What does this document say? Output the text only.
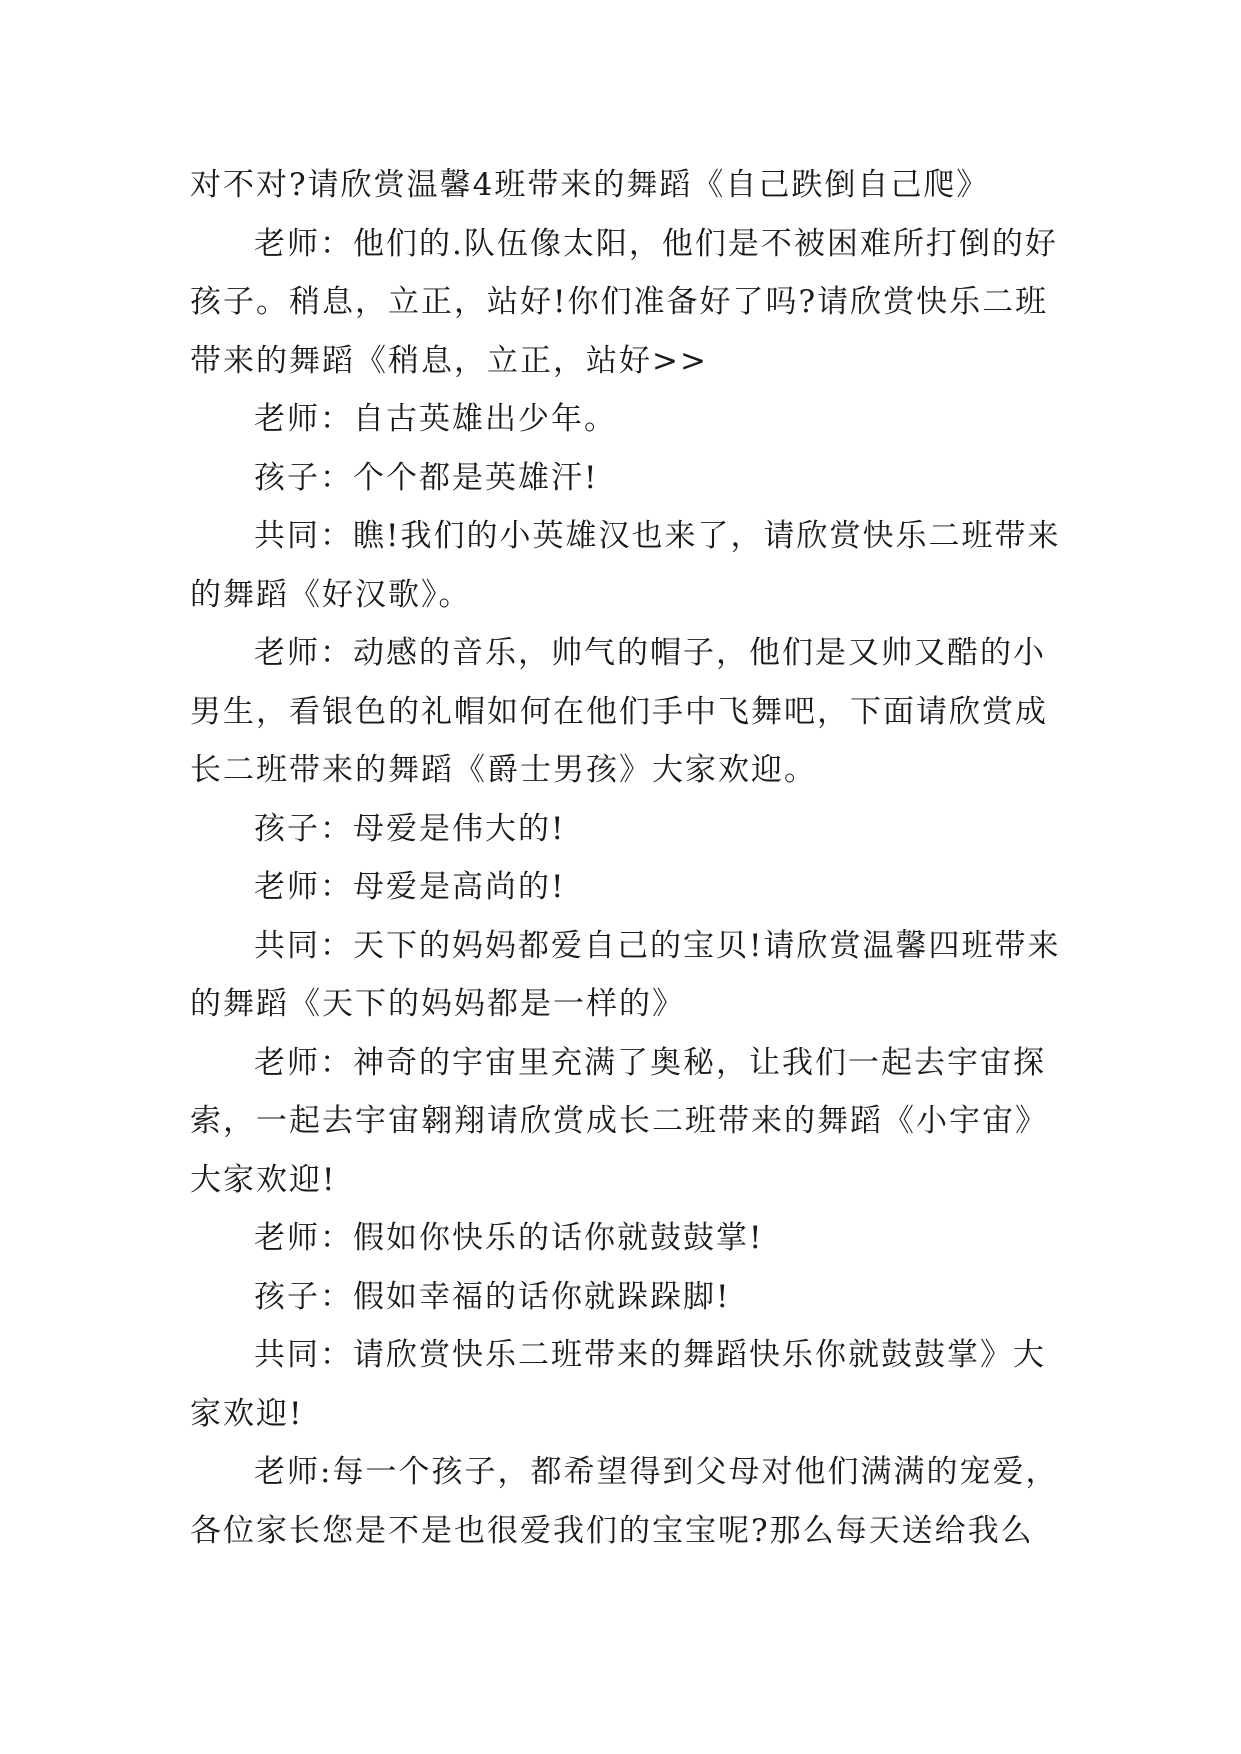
对不对?请欣赏温馨4班带来的舞蹈《自己跌倒自己爬》

老师：他们的.队伍像太阳，他们是不被困难所打倒的好孩子。稍息，立正，站好!你们准备好了吗?请欣赏快乐二班带来的舞蹈《稍息，立正，站好>>

老师：自古英雄出少年。

孩子：个个都是英雄汗!

共同：瞧!我们的小英雄汉也来了，请欣赏快乐二班带来的舞蹈《好汉歌》。

老师：动感的音乐，帅气的帽子，他们是又帅又酷的小男生，看银色的礼帽如何在他们手中飞舞吧，下面请欣赏成长二班带来的舞蹈《爵士男孩》大家欢迎。

孩子：母爱是伟大的!

老师：母爱是高尚的!

共同：天下的妈妈都爱自己的宝贝!请欣赏温馨四班带来的舞蹈《天下的妈妈都是一样的》

老师：神奇的宇宙里充满了奥秘，让我们一起去宇宙探索，一起去宇宙翱翔请欣赏成长二班带来的舞蹈《小宇宙》大家欢迎!

老师：假如你快乐的话你就鼓鼓掌!

孩子：假如幸福的话你就跺跺脚!

共同：请欣赏快乐二班带来的舞蹈快乐你就鼓鼓掌》大家欢迎!

老师:每一个孩子，都希望得到父母对他们满满的宠爱，各位家长您是不是也很爱我们的宝宝呢?那么每天送给我么
